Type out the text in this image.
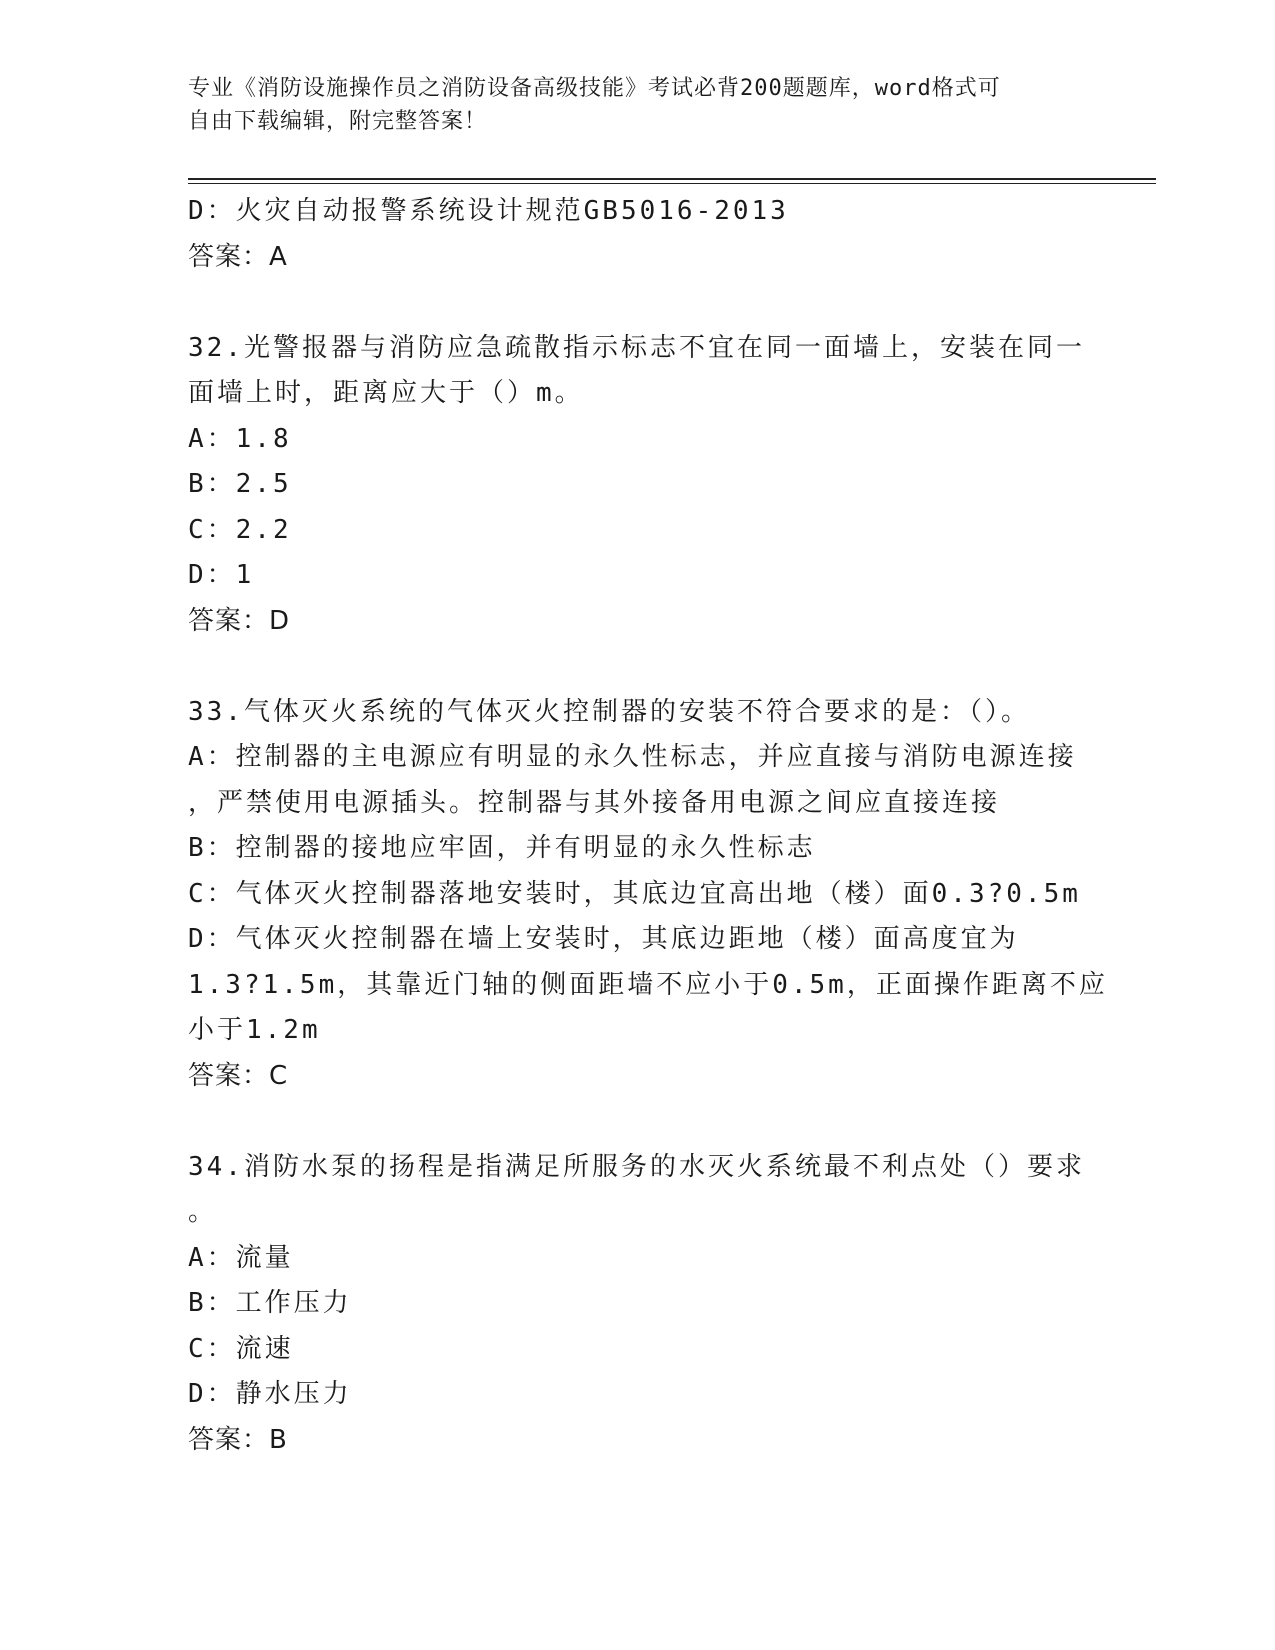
专业《消防设施操作员之消防设备高级技能》考试必背200题题库，word格式可
自由下载编辑，附完整答案！
D：火灾自动报警系统设计规范GB5016-2013
答案：A
32.光警报器与消防应急疏散指示标志不宜在同一面墙上，安装在同一
面墙上时，距离应大于（）m。
A：1.8
B：2.5
C：2.2
D：1
答案：D
33.气体灭火系统的气体灭火控制器的安装不符合要求的是：（）。
A：控制器的主电源应有明显的永久性标志，并应直接与消防电源连接
，严禁使用电源插头。控制器与其外接备用电源之间应直接连接
B：控制器的接地应牢固，并有明显的永久性标志
C：气体灭火控制器落地安装时，其底边宜高出地（楼）面0.3?0.5m
D：气体灭火控制器在墙上安装时，其底边距地（楼）面高度宜为
1.3?1.5m，其靠近门轴的侧面距墙不应小于0.5m，正面操作距离不应
小于1.2m
答案：C
34.消防水泵的扬程是指满足所服务的水灭火系统最不利点处（）要求
。
A：流量
B：工作压力
C：流速
D：静水压力
答案：B
